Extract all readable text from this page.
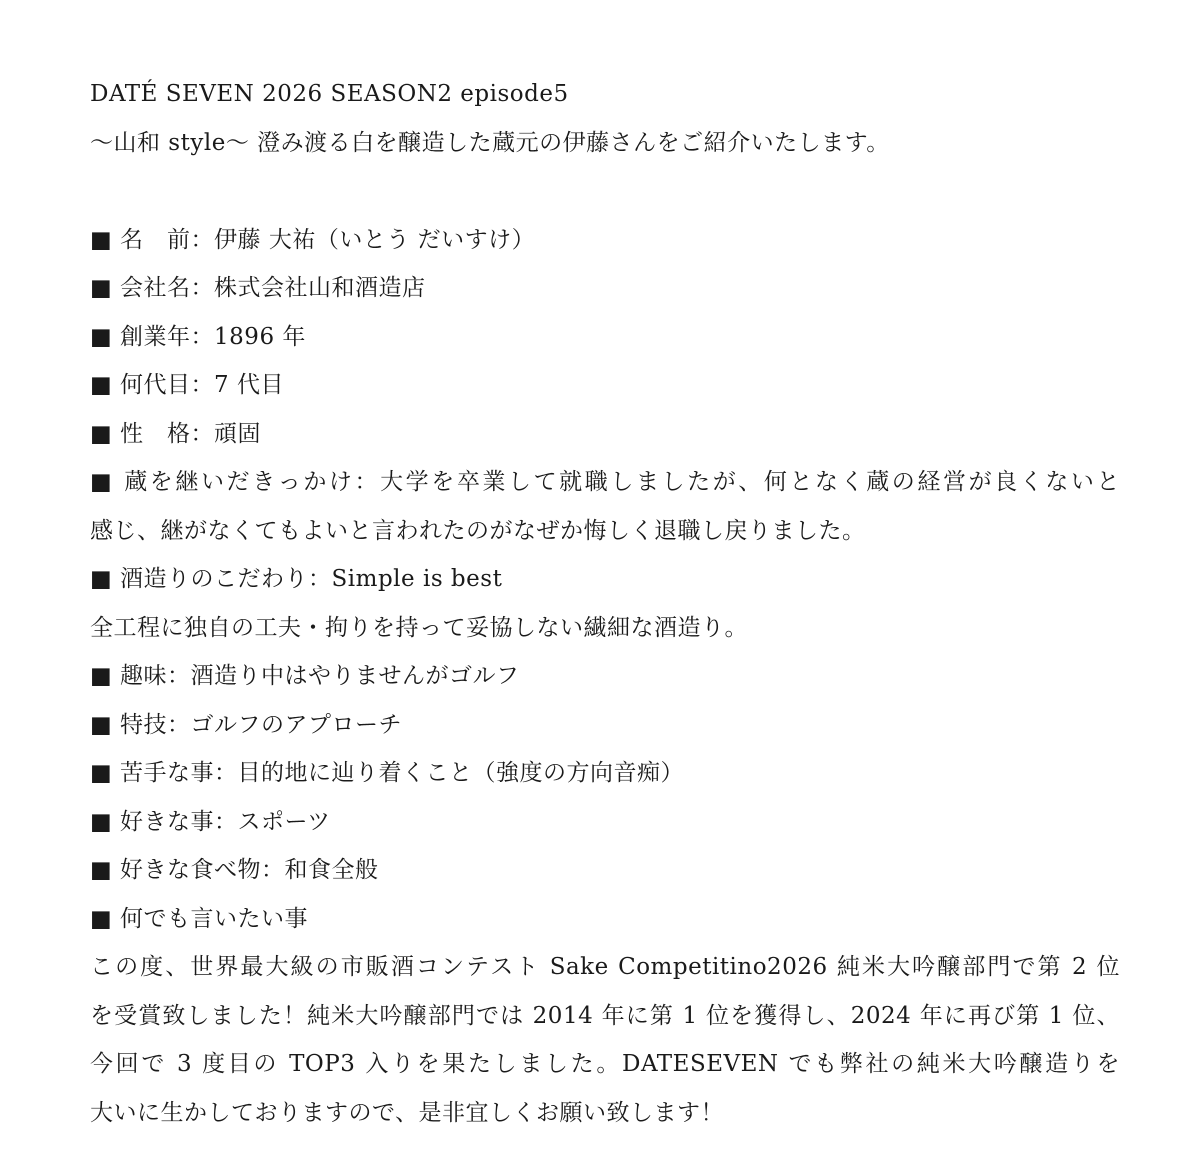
DATÉ SEVEN 2026 SEASON2 episode5
〜山和 style〜 澄み渡る白を醸造した蔵元の伊藤さんをご紹介いたします。
■ 名　前：伊藤 大祐（いとう だいすけ）
■ 会社名：株式会社山和酒造店
■ 創業年：1896 年
■ 何代目：7 代目
■ 性　格：頑固
■ 蔵を継いだきっかけ：大学を卒業して就職しましたが、何となく蔵の経営が良くないと
感じ、継がなくてもよいと言われたのがなぜか悔しく退職し戻りました。
■ 酒造りのこだわり：Simple is best
全工程に独自の工夫・拘りを持って妥協しない繊細な酒造り。
■ 趣味：酒造り中はやりませんがゴルフ
■ 特技：ゴルフのアプローチ
■ 苦手な事：目的地に辿り着くこと（強度の方向音痴）
■ 好きな事：スポーツ
■ 好きな食べ物：和食全般
■ 何でも言いたい事
この度、世界最大級の市販酒コンテスト Sake Competitino2026 純米大吟醸部門で第 2 位
を受賞致しました！純米大吟醸部門では 2014 年に第 1 位を獲得し、2024 年に再び第 1 位、
今回で 3 度目の TOP3 入りを果たしました。DATESEVEN でも弊社の純米大吟醸造りを
大いに生かしておりますので、是非宜しくお願い致します！
